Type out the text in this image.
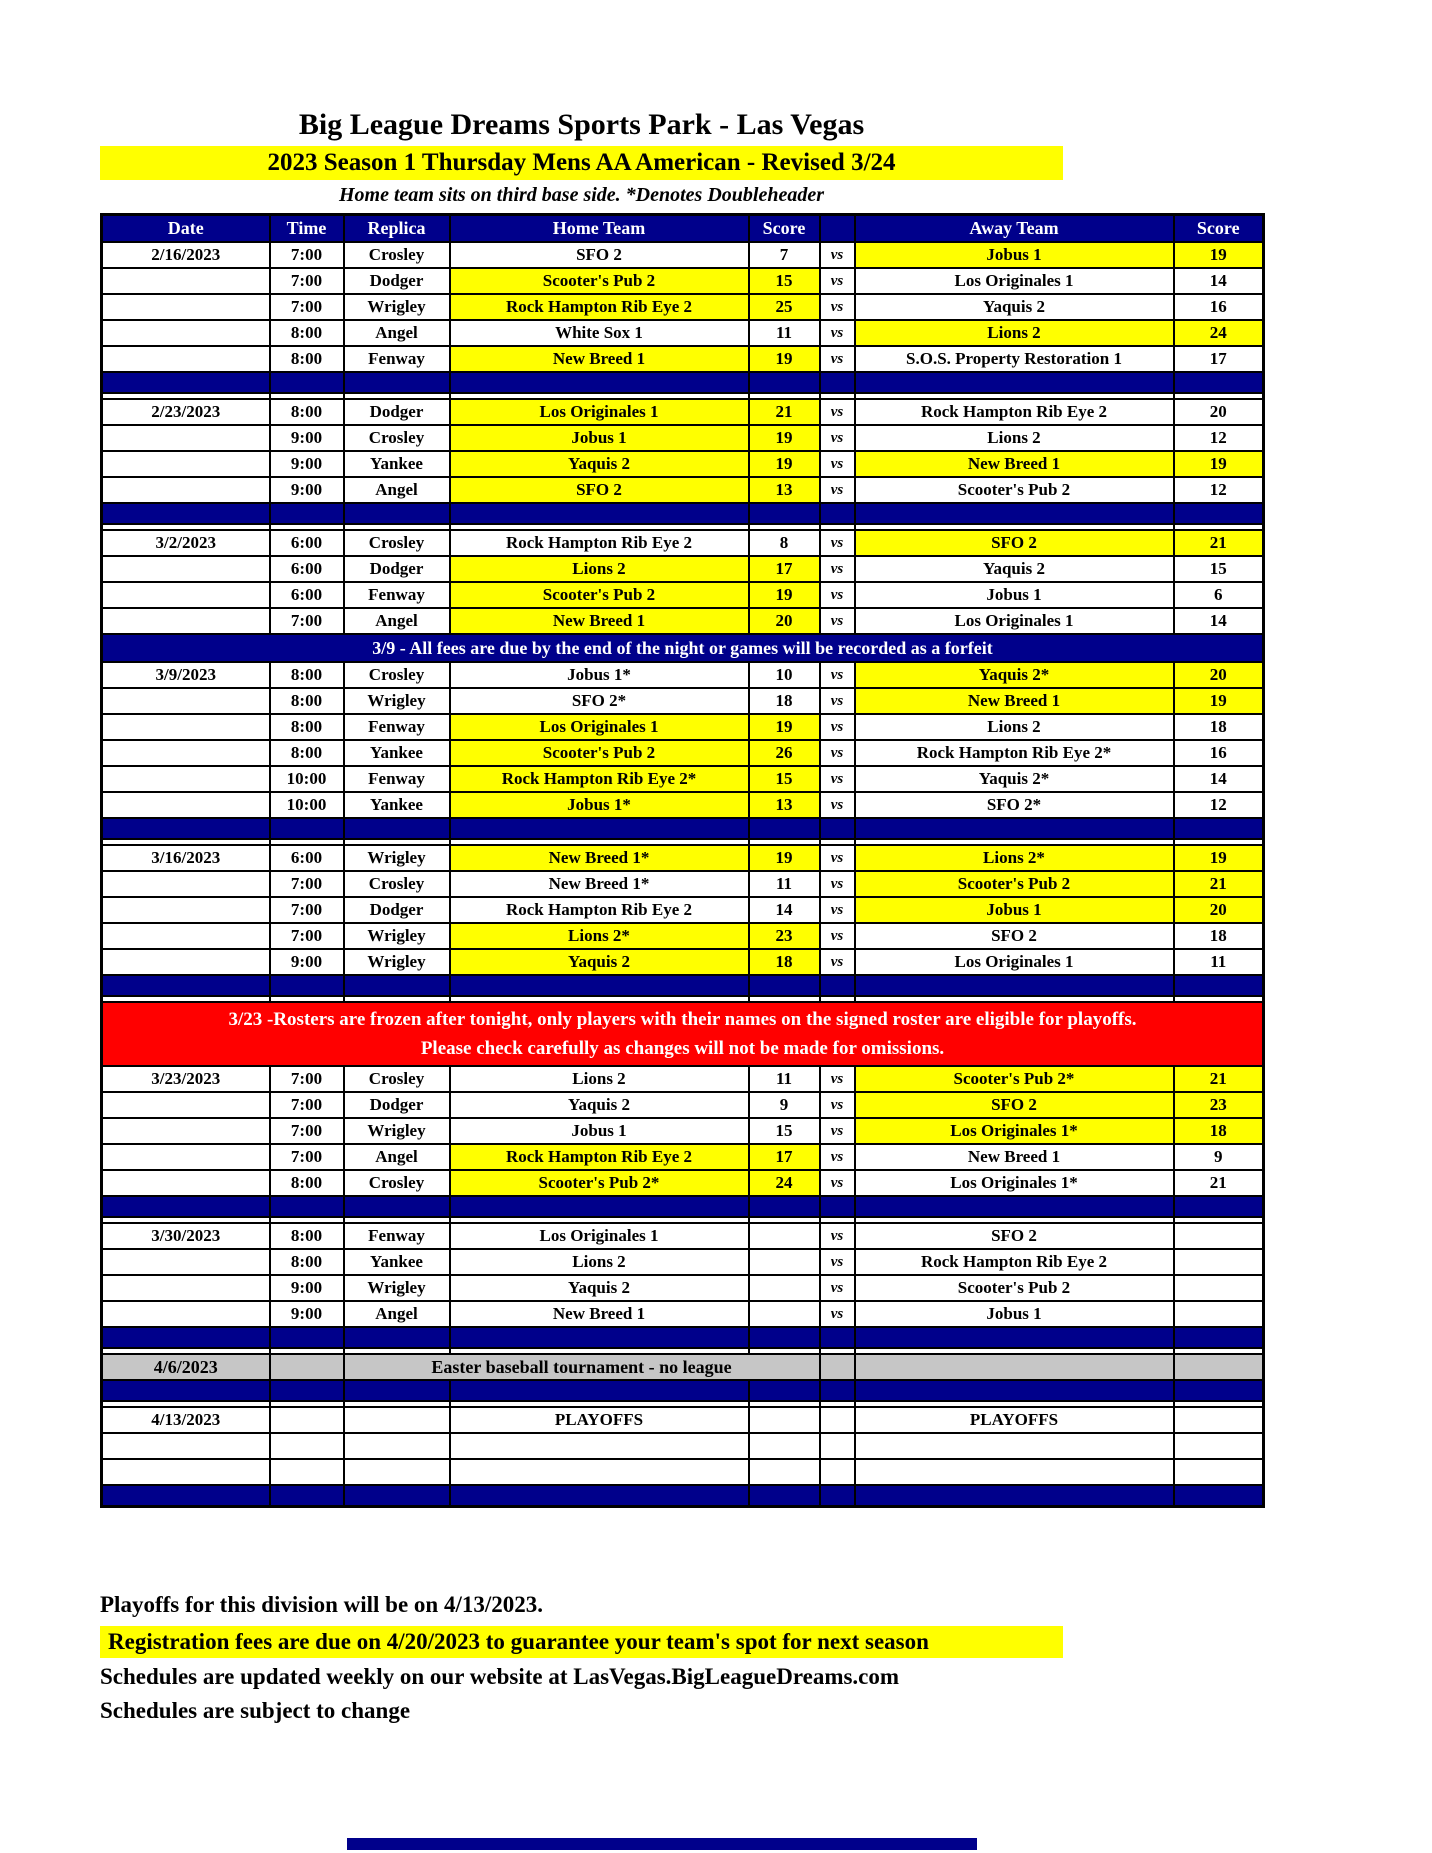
Big League Dreams Sports Park - Las Vegas
2023 Season 1 Thursday Mens AA American - Revised 3/24
Home team sits on third base side. *Denotes Doubleheader
Date	Time	Replica	Home Team	Score		Away Team	Score
2/16/2023	7:00	Crosley	SFO 2	7	vs	Jobus 1	19
	7:00	Dodger	Scooter's Pub 2	15	vs	Los Originales 1	14
	7:00	Wrigley	Rock Hampton Rib Eye 2	25	vs	Yaquis 2	16
	8:00	Angel	White Sox 1	11	vs	Lions 2	24
	8:00	Fenway	New Breed 1	19	vs	S.O.S. Property Restoration 1	17

2/23/2023	8:00	Dodger	Los Originales 1	21	vs	Rock Hampton Rib Eye 2	20
	9:00	Crosley	Jobus 1	19	vs	Lions 2	12
	9:00	Yankee	Yaquis 2	19	vs	New Breed 1	19
	9:00	Angel	SFO 2	13	vs	Scooter's Pub 2	12

3/2/2023	6:00	Crosley	Rock Hampton Rib Eye 2	8	vs	SFO 2	21
	6:00	Dodger	Lions 2	17	vs	Yaquis 2	15
	6:00	Fenway	Scooter's Pub 2	19	vs	Jobus 1	6
	7:00	Angel	New Breed 1	20	vs	Los Originales 1	14
3/9 - All fees are due by the end of the night or games will be recorded as a forfeit							
3/9/2023	8:00	Crosley	Jobus 1*	10	vs	Yaquis 2*	20
	8:00	Wrigley	SFO 2*	18	vs	New Breed 1	19
	8:00	Fenway	Los Originales 1	19	vs	Lions 2	18
	8:00	Yankee	Scooter's Pub 2	26	vs	Rock Hampton Rib Eye 2*	16
	10:00	Fenway	Rock Hampton Rib Eye 2*	15	vs	Yaquis 2*	14
	10:00	Yankee	Jobus 1*	13	vs	SFO 2*	12

3/16/2023	6:00	Wrigley	New Breed 1*	19	vs	Lions 2*	19
	7:00	Crosley	New Breed 1*	11	vs	Scooter's Pub 2	21
	7:00	Dodger	Rock Hampton Rib Eye 2	14	vs	Jobus 1	20
	7:00	Wrigley	Lions 2*	23	vs	SFO 2	18
	9:00	Wrigley	Yaquis 2	18	vs	Los Originales 1	11

3/23 -Rosters are frozen after tonight, only players with their names on the signed roster are eligible for playoffs.
Please check carefully as changes will not be made for omissions.							

3/23/2023	7:00	Crosley	Lions 2	11	vs	Scooter's Pub 2*	21
	7:00	Dodger	Yaquis 2	9	vs	SFO 2	23
	7:00	Wrigley	Jobus 1	15	vs	Los Originales 1*	18
	7:00	Angel	Rock Hampton Rib Eye 2	17	vs	New Breed 1	9
	8:00	Crosley	Scooter's Pub 2*	24	vs	Los Originales 1*	21

3/30/2023	8:00	Fenway	Los Originales 1		vs	SFO 2	
	8:00	Yankee	Lions 2		vs	Rock Hampton Rib Eye 2	
	9:00	Wrigley	Yaquis 2		vs	Scooter's Pub 2	
	9:00	Angel	New Breed 1		vs	Jobus 1	

4/6/2023		Easter baseball tournament - no league					

4/13/2023			PLAYOFFS			PLAYOFFS	

Playoffs for this division will be on 4/13/2023.
Registration fees are due on 4/20/2023 to guarantee your team's spot for next season
Schedules are updated weekly on our website at LasVegas.BigLeagueDreams.com
Schedules are subject to change
